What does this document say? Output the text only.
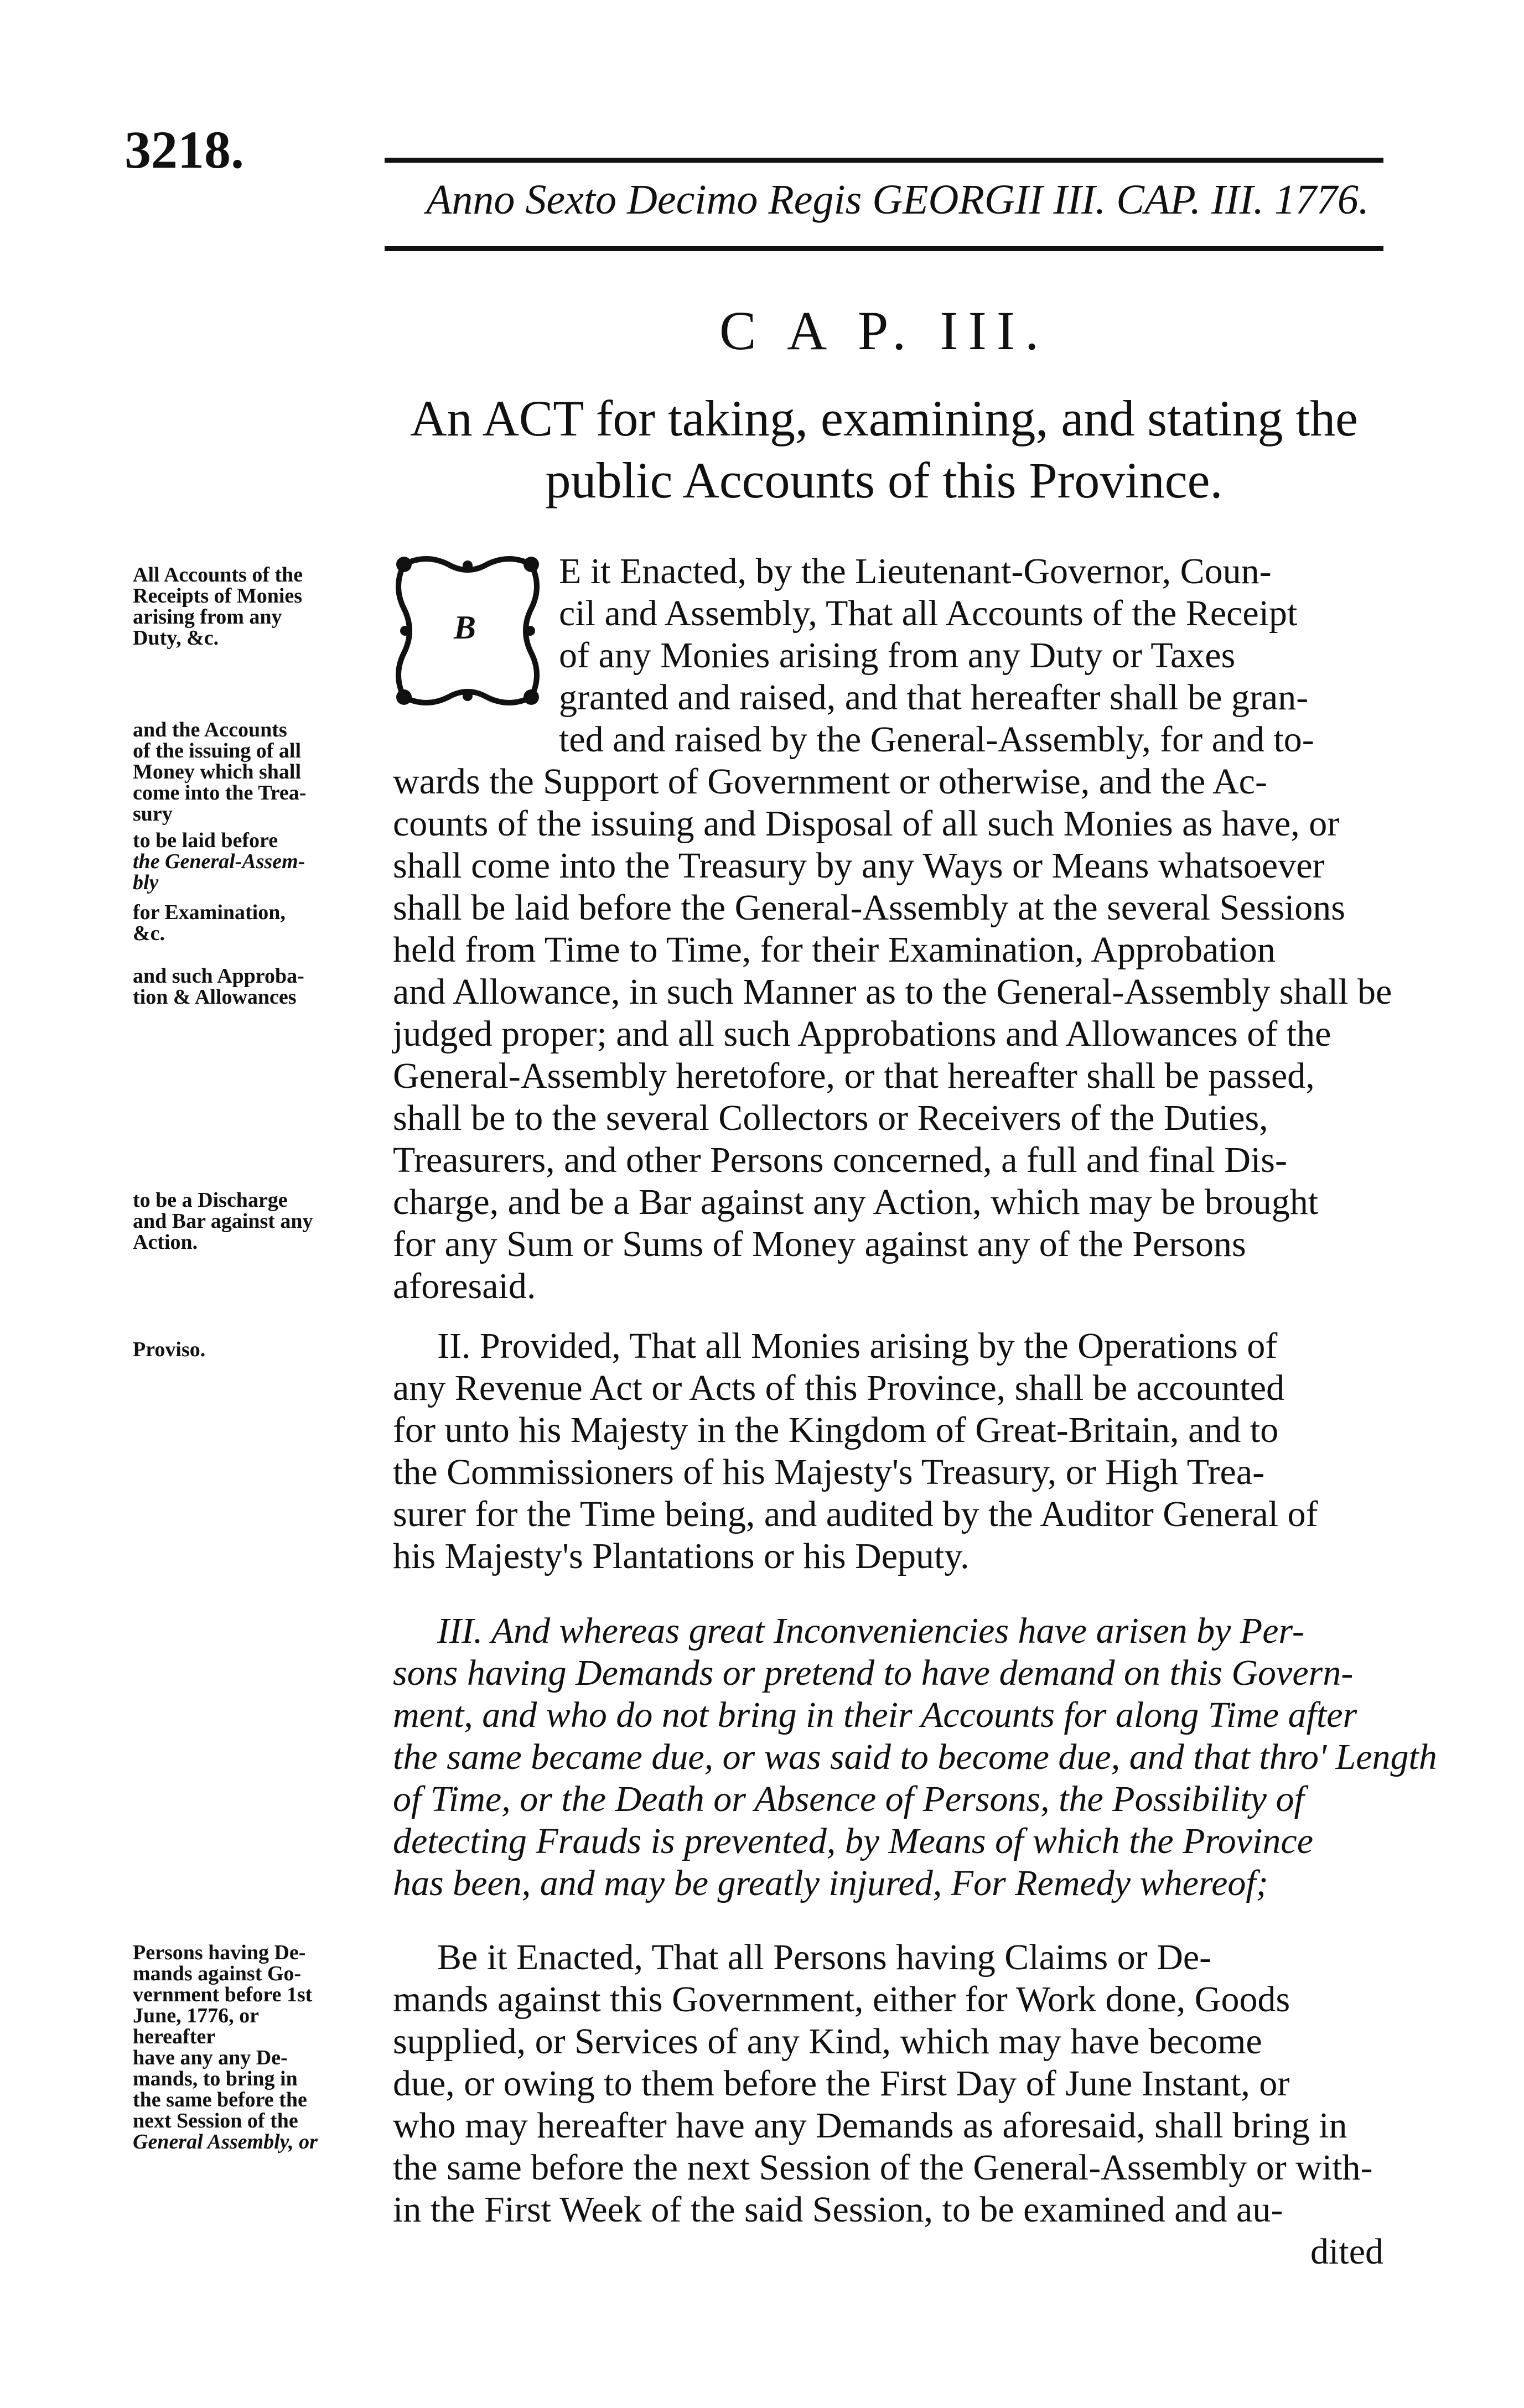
3218.
Anno Sexto Decimo Regis GEORGII III. CAP. III. 1776.
C A P. III.
An ACT for taking, examining, and stating the
public Accounts of this Province.
B
E it Enacted, by the Lieutenant-Governor, Coun-
cil and Assembly, That all Accounts of the Receipt
of any Monies arising from any Duty or Taxes
granted and raised, and that hereafter shall be gran-
ted and raised by the General-Assembly, for and to-
wards the Support of Government or otherwise, and the Ac-
counts of the issuing and Disposal of all such Monies as have, or
shall come into the Treasury by any Ways or Means whatsoever
shall be laid before the General-Assembly at the several Sessions
held from Time to Time, for their Examination, Approbation
and Allowance, in such Manner as to the General-Assembly shall be
judged proper; and all such Approbations and Allowances of the
General-Assembly heretofore, or that hereafter shall be passed,
shall be to the several Collectors or Receivers of the Duties,
Treasurers, and other Persons concerned, a full and final Dis-
charge, and be a Bar against any Action, which may be brought
for any Sum or Sums of Money against any of the Persons
aforesaid.
II. Provided, That all Monies arising by the Operations of
any Revenue Act or Acts of this Province, shall be accounted
for unto his Majesty in the Kingdom of Great-Britain, and to
the Commissioners of his Majesty's Treasury, or High Trea-
surer for the Time being, and audited by the Auditor General of
his Majesty's Plantations or his Deputy.
III. And whereas great Inconveniencies have arisen by Per-
sons having Demands or pretend to have demand on this Govern-
ment, and who do not bring in their Accounts for along Time after
the same became due, or was said to become due, and that thro' Length
of Time, or the Death or Absence of Persons, the Possibility of
detecting Frauds is prevented, by Means of which the Province
has been, and may be greatly injured, For Remedy whereof;
Be it Enacted, That all Persons having Claims or De-
mands against this Government, either for Work done, Goods
supplied, or Services of any Kind, which may have become
due, or owing to them before the First Day of June Instant, or
who may hereafter have any Demands as aforesaid, shall bring in
the same before the next Session of the General-Assembly or with-
in the First Week of the said Session, to be examined and au-
dited
All Accounts of the
Receipts of Monies
arising from any
Duty, &c.
and the Accounts
of the issuing of all
Money which shall
come into the Trea-
sury
to be laid before
the General-Assem-
bly
for Examination,
&c.
and such Approba-
tion & Allowances
to be a Discharge
and Bar against any
Action.
Proviso.
Persons having De-
mands against Go-
vernment before 1st
June, 1776, or
hereafter
have any any De-
mands, to bring in
the same before the
next Session of the
General Assembly, or
